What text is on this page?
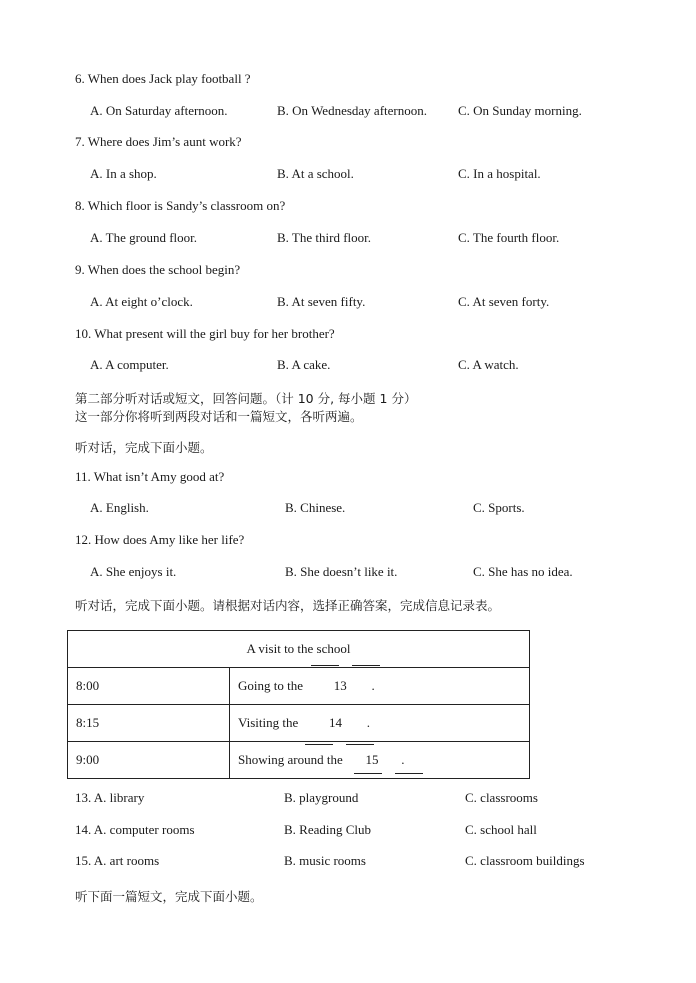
6. When does Jack play football ?
A. On Saturday afternoon.	B. On Wednesday afternoon. C. On Sunday morning.
7. Where does Jim’s aunt work?
A. In a shop.	B. At a school.	C. In a hospital.
8. Which floor is Sandy’s classroom on?
A. The ground floor.	B. The third floor.	C. The fourth floor.
9. When does the school begin?
A. At eight o’clock.	B. At seven fifty.	C. At seven forty.
10. What present will the girl buy for her brother?
A. A computer.	B. A cake.	C. A watch.
第二部分听对话或短文，回答问题。（计 10 分, 每小题 1 分）
这一部分你将听到两段对话和一篇短文，各听两遍。
听对话，完成下面小题。
11. What isn’t Amy good at?
A. English.	B. Chinese.	C. Sports.
12. How does Amy like her life?
A. She enjoys it.	B. She doesn’t like it.	C. She has no idea.
听对话，完成下面小题。请根据对话内容，选择正确答案，完成信息记录表。
A visit to the school	
8:00	Going to the 13 .
8:15	Visiting the 14 .
9:00	Showing around the 15 .
13. A. library	B. playground	C. classrooms
14. A. computer rooms	B. Reading Club	C. school hall
15. A. art rooms	B. music rooms	C. classroom buildings
听下面一篇短文，完成下面小题。
